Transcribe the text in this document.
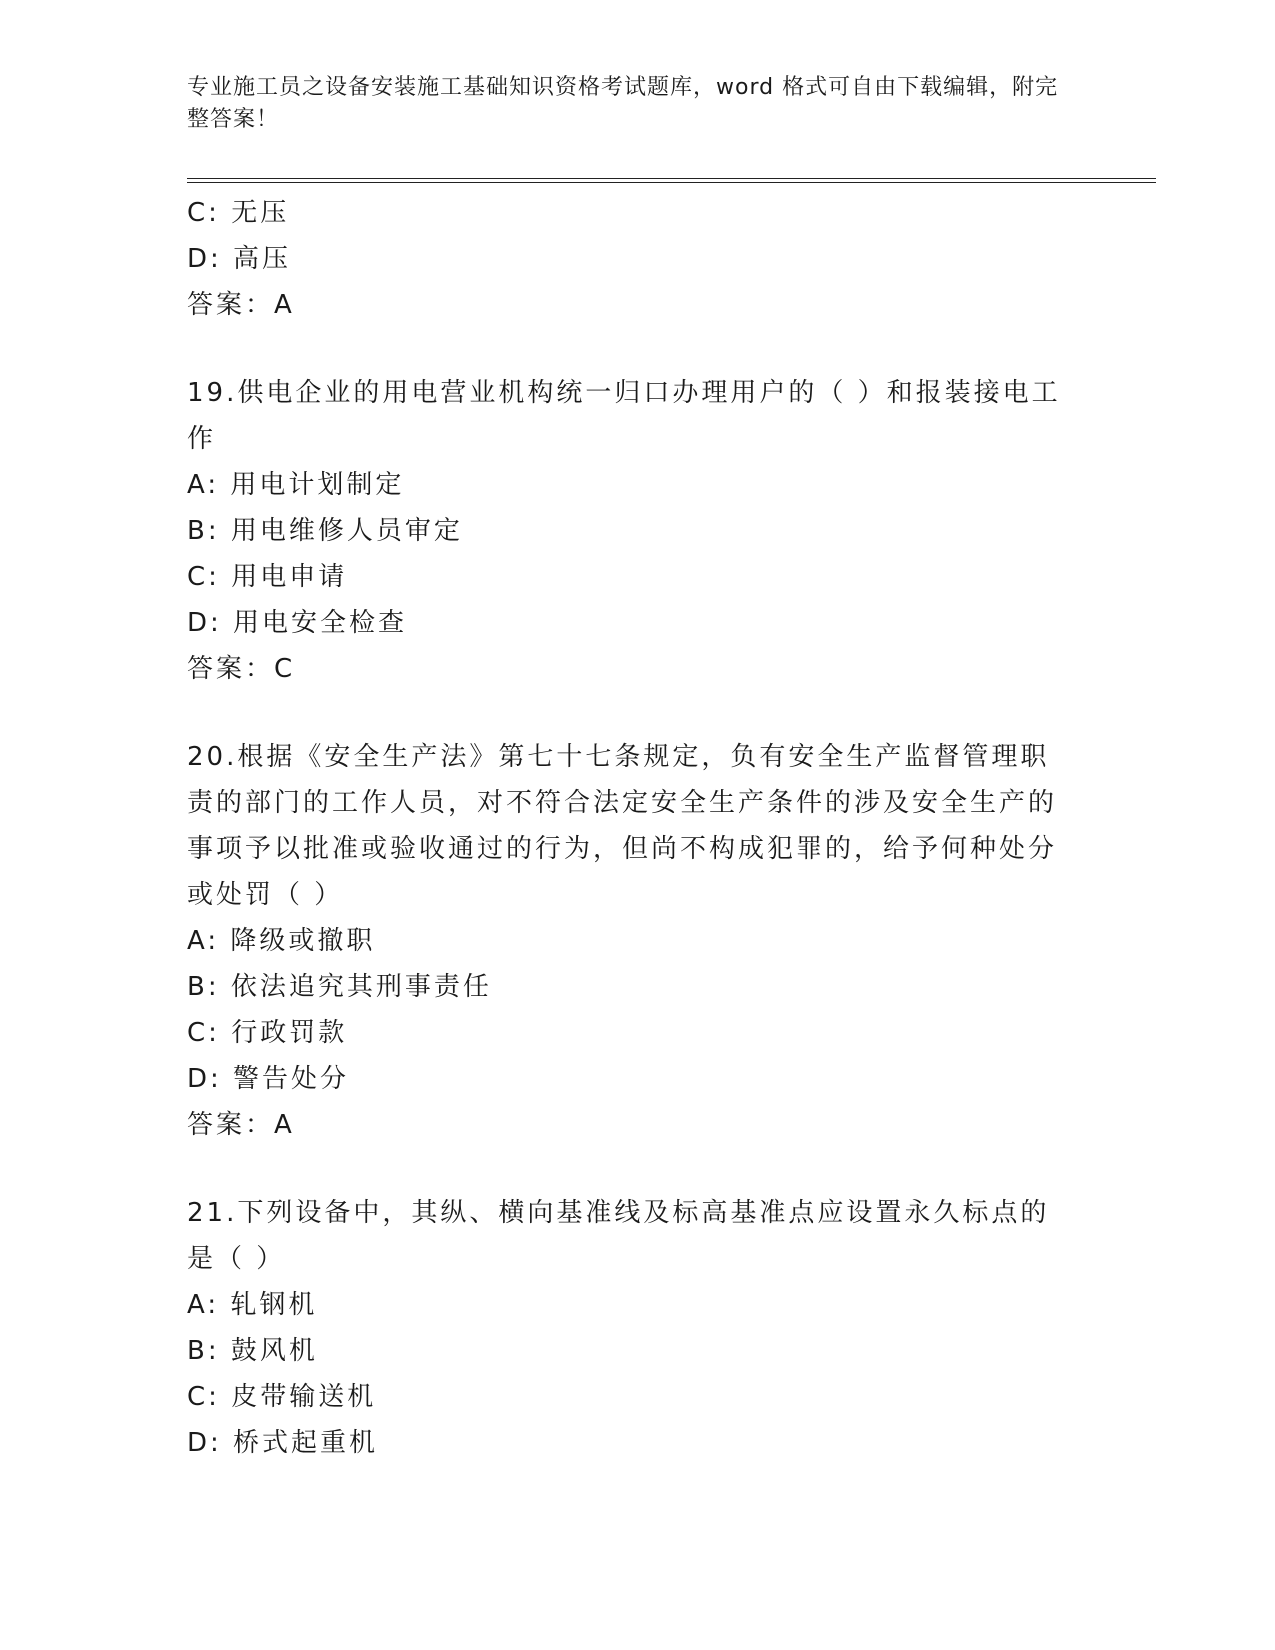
专业施工员之设备安装施工基础知识资格考试题库，word 格式可自由下载编辑，附完整答案！
C: 无压
D: 高压
答案：A
19.供电企业的用电营业机构统一归口办理用户的（ ）和报装接电工作
A: 用电计划制定
B: 用电维修人员审定
C: 用电申请
D: 用电安全检查
答案：C
20.根据《安全生产法》第七十七条规定，负有安全生产监督管理职责的部门的工作人员，对不符合法定安全生产条件的涉及安全生产的事项予以批准或验收通过的行为，但尚不构成犯罪的，给予何种处分或处罚（ ）
A: 降级或撤职
B: 依法追究其刑事责任
C: 行政罚款
D: 警告处分
答案：A
21.下列设备中，其纵、横向基准线及标高基准点应设置永久标点的是（ ）
A: 轧钢机
B: 鼓风机
C: 皮带输送机
D: 桥式起重机
